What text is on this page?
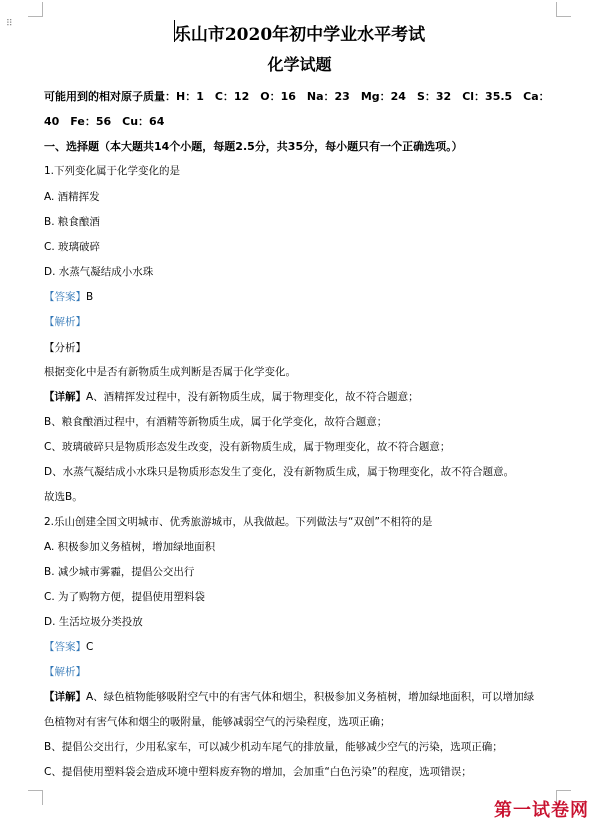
⠿
乐山市2020年初中学业水平考试
化学试题
可能用到的相对原子质量：H：1　C：12　O：16　Na：23　Mg：24　S：32　Cl：35.5　Ca：
40　Fe：56　Cu：64
一、选择题（本大题共14个小题，每题2.5分，共35分，每小题只有一个正确选项。）
1.下列变化属于化学变化的是
A. 酒精挥发
B. 粮食酿酒
C. 玻璃破碎
D. 水蒸气凝结成小水珠
【答案】B
【解析】
【分析】
根据变化中是否有新物质生成判断是否属于化学变化。
【详解】A、酒精挥发过程中，没有新物质生成，属于物理变化，故不符合题意；
B、粮食酿酒过程中，有酒精等新物质生成，属于化学变化，故符合题意；
C、玻璃破碎只是物质形态发生改变，没有新物质生成，属于物理变化，故不符合题意；
D、水蒸气凝结成小水珠只是物质形态发生了变化，没有新物质生成，属于物理变化，故不符合题意。
故选B。
2.乐山创建全国文明城市、优秀旅游城市，从我做起。下列做法与“双创”不相符的是
A. 积极参加义务植树，增加绿地面积
B. 减少城市雾霾，提倡公交出行
C. 为了购物方便，提倡使用塑料袋
D. 生活垃圾分类投放
【答案】C
【解析】
【详解】A、绿色植物能够吸附空气中的有害气体和烟尘，积极参加义务植树，增加绿地面积，可以增加绿
色植物对有害气体和烟尘的吸附量，能够减弱空气的污染程度，选项正确；
B、提倡公交出行，少用私家车，可以减少机动车尾气的排放量，能够减少空气的污染，选项正确；
C、提倡使用塑料袋会造成环境中塑料废弃物的增加，会加重“白色污染”的程度，选项错误；
第一试卷网
